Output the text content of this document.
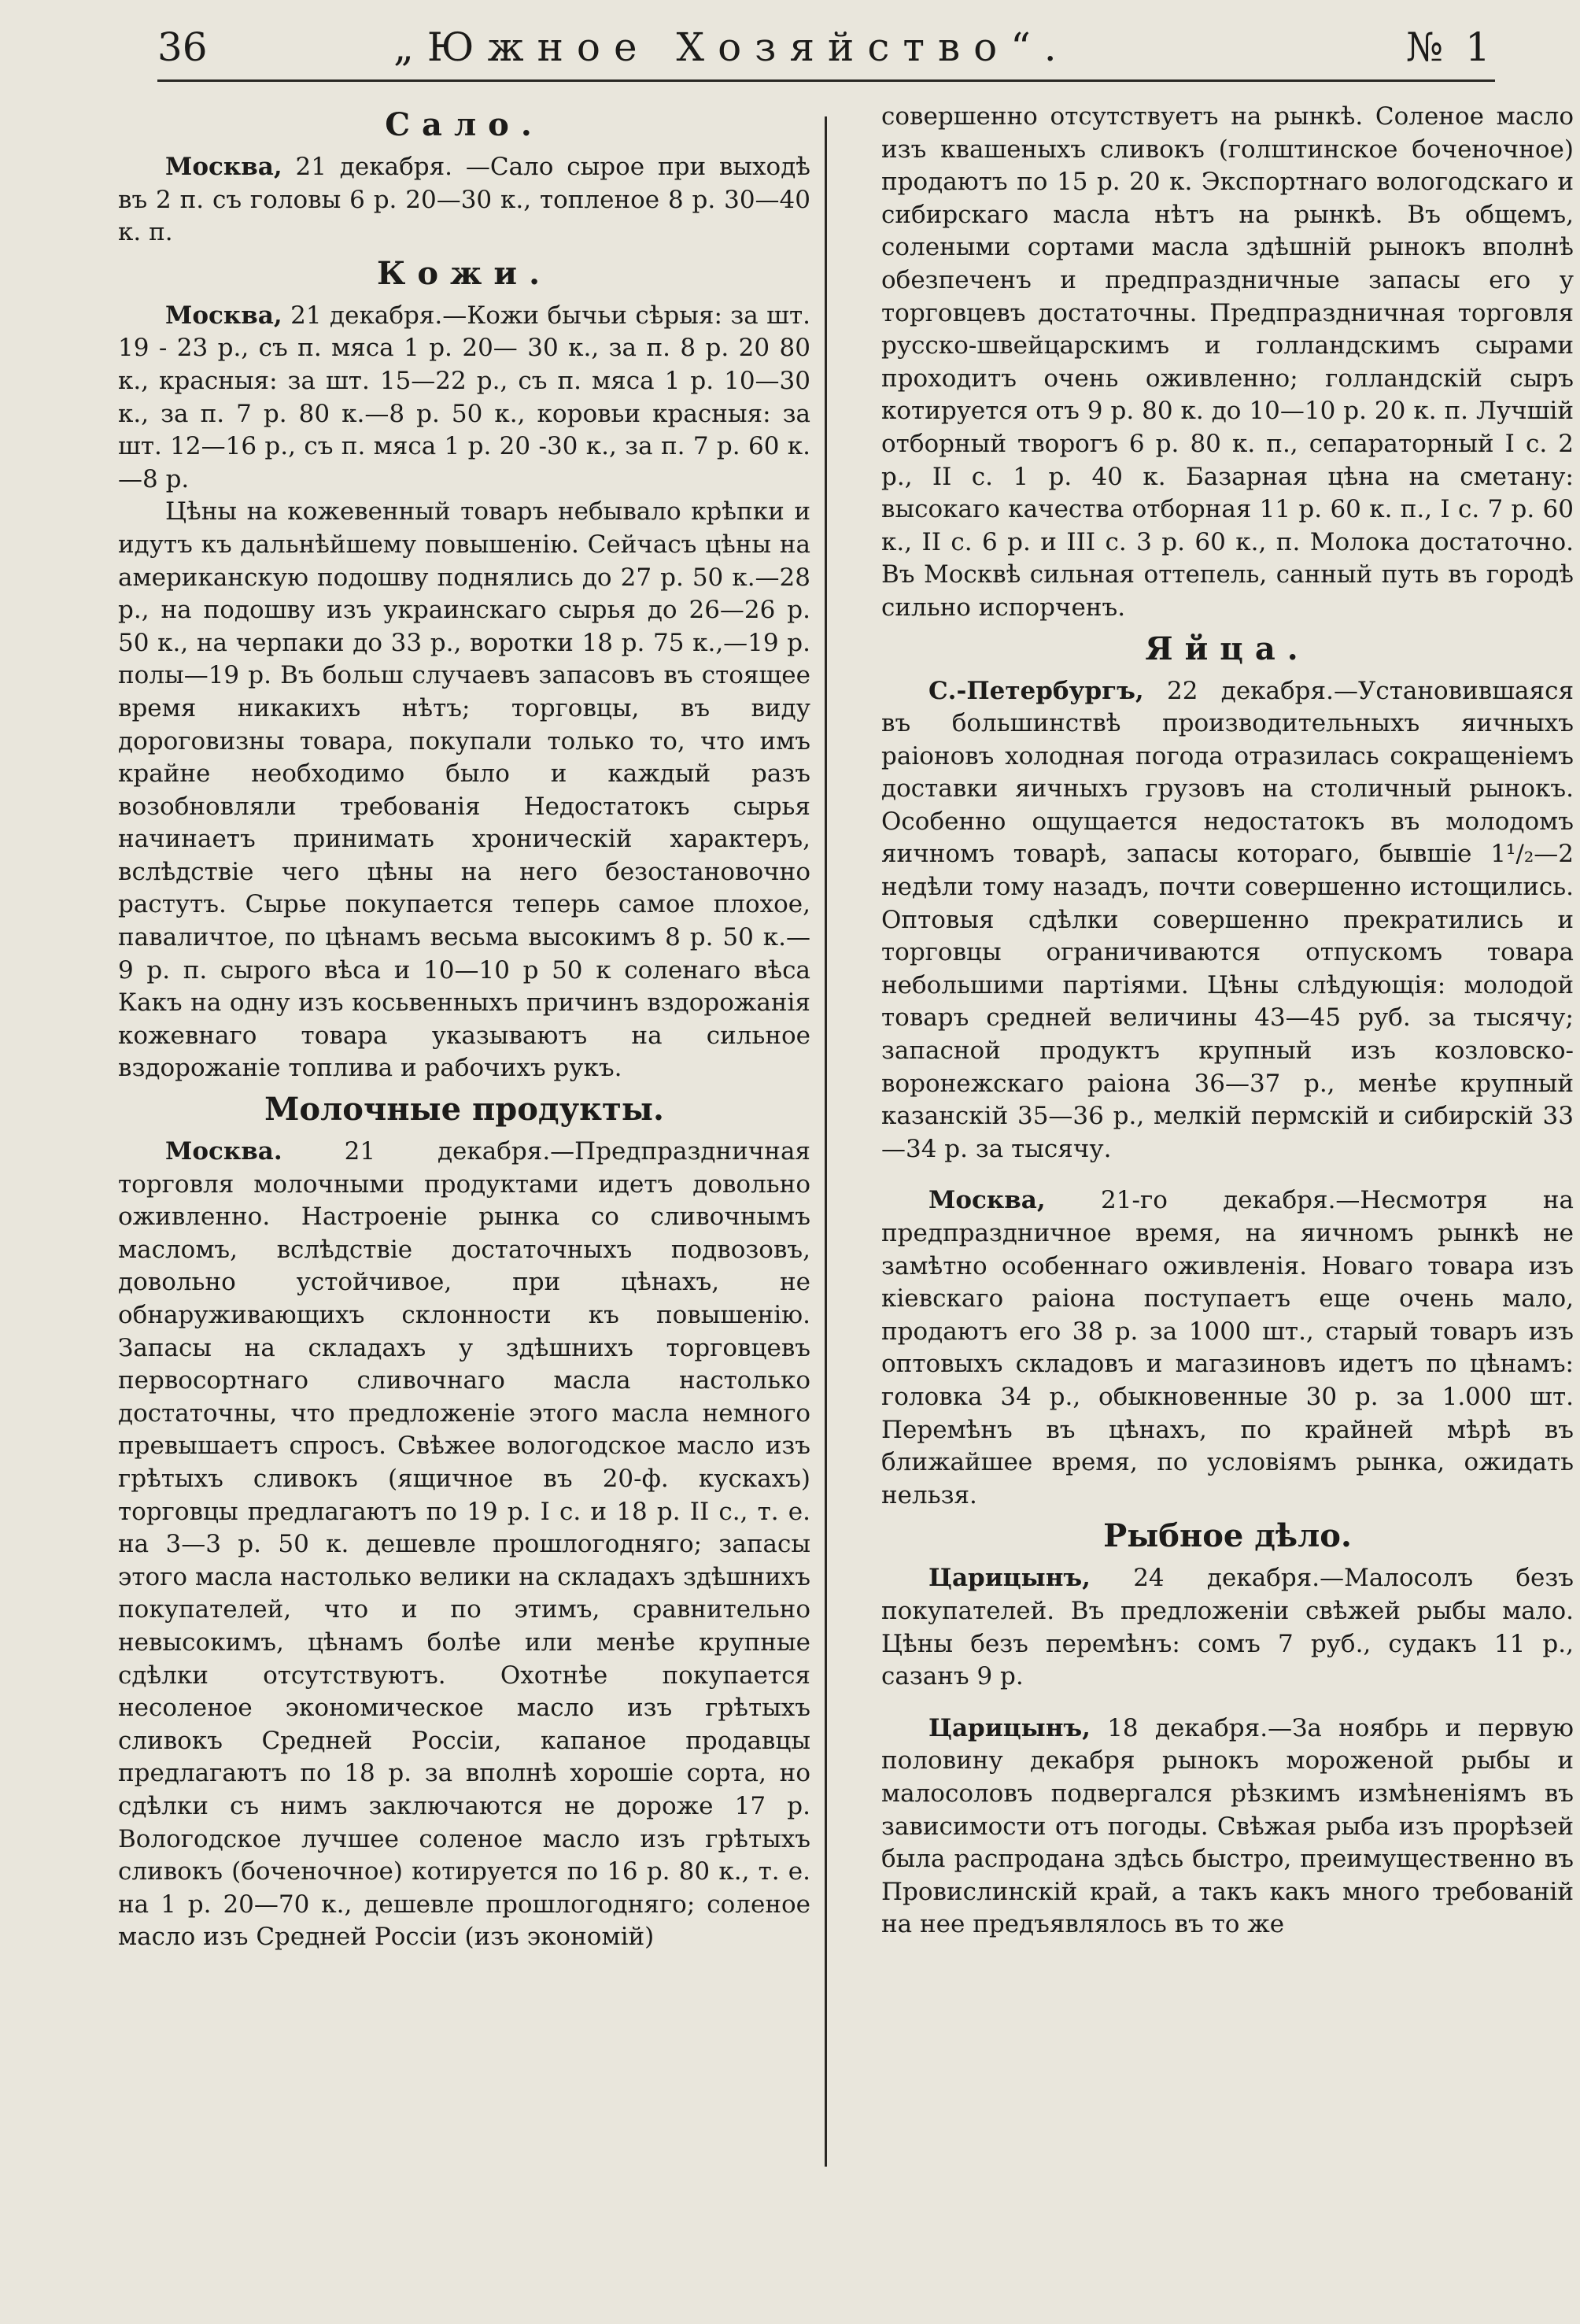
36	„Южное Хозяйство“.	№ 1
Сало.

Москва, 21 декабря. —Сало сырое при выходѣ въ 2 п. съ головы 6 р. 20—30 к., топленое 8 р. 30—40 к. п.

Кожи.

Москва, 21 декабря.—Кожи бычьи сѣрыя: за шт. 19 - 23 р., съ п. мяса 1 р. 20— 30 к., за п. 8 р. 20 80 к., красныя: за шт. 15—22 р., съ п. мяса 1 р. 10—30 к., за п. 7 р. 80 к.—8 р. 50 к., коровьи красныя: за шт. 12—16 р., съ п. мяса 1 р. 20 -30 к., за п. 7 р. 60 к.—8 р.

Цѣны на кожевенный товаръ небывало крѣпки и идутъ къ дальнѣйшему повышенію. Сейчасъ цѣны на американскую подошву поднялись до 27 р. 50 к.—28 р., на подошву изъ украинскаго сырья до 26—26 р. 50 к., на черпаки до 33 р., воротки 18 р. 75 к.,—19 р. полы—19 р. Въ больш случаевъ запасовъ въ стоящее время никакихъ нѣтъ; торговцы, въ виду дороговизны товара, покупали только то, что имъ крайне необходимо было и каждый разъ возобновляли требованія Недостатокъ сырья начинаетъ принимать хроническій характеръ, вслѣдствіе чего цѣны на него безостановочно растутъ. Сырье покупается теперь самое плохое, паваличтое, по цѣнамъ весьма высокимъ 8 р. 50 к.—9 р. п. сырого вѣса и 10—10 р 50 к соленаго вѣса Какъ на одну изъ косьвенныхъ причинъ вздорожанія кожевнаго товара указываютъ на сильное вздорожаніе топлива и рабочихъ рукъ.

Молочные продукты.

Москва.	21 декабря.—Предпраздничная торговля молочными продуктами идетъ довольно оживленно. Настроеніе рынка со сливочнымъ масломъ, вслѣдствіе достаточныхъ подвозовъ, довольно устойчивое, при цѣнахъ, не обнаруживающихъ склонности къ повышенію. Запасы на складахъ у здѣшнихъ торговцевъ первосортнаго сливочнаго масла настолько достаточны, что предложеніе этого масла немного превышаетъ спросъ. Свѣжее вологодское масло изъ грѣтыхъ сливокъ (ящичное въ 20-ф. кускахъ) торговцы предлагаютъ по 19 р. I с. и 18 р. II с., т. е. на 3—3 р. 50 к. дешевле прошлогодняго; запасы этого масла настолько велики на складахъ здѣшнихъ покупателей, что и по этимъ, сравнительно невысокимъ, цѣнамъ болѣе или менѣе крупные сдѣлки отсутствуютъ. Охотнѣе покупается несоленое экономическое масло изъ грѣтыхъ сливокъ Средней Россіи, капаное продавцы предлагаютъ по 18 р. за вполнѣ хорошіе сорта, но сдѣлки съ нимъ заключаются не дороже 17 р. Вологодское лучшее соленое масло изъ грѣтыхъ сливокъ (боченочное) котируется по 16 р. 80 к., т. е. на 1 р. 20—70 к., дешевле прошлогодняго; соленое масло изъ Средней Россіи (изъ экономій)

совершенно отсутствуетъ на рынкѣ. Соленое масло изъ квашеныхъ сливокъ (голштинское боченочное) продаютъ по 15 р. 20 к. Экспортнаго вологодскаго и сибирскаго масла нѣтъ на рынкѣ. Въ общемъ, солеными сортами масла здѣшній рынокъ вполнѣ обезпеченъ и предпраздничные запасы его у торговцевъ достаточны. Предпраздничная торговля русско-швейцарскимъ и голландскимъ сырами проходитъ очень оживленно; голландскій сыръ котируется отъ 9 р. 80 к. до 10—10 р. 20 к. п. Лучшій отборный творогъ 6 р. 80 к. п., сепараторный I с. 2 р., II с. 1 р. 40 к. Базарная цѣна на сметану: высокаго качества отборная 11 р. 60 к. п., I с. 7 р. 60 к., II с. 6 р. и III с. 3 р. 60 к., п. Молока достаточно. Въ Москвѣ сильная оттепель, санный путь въ городѣ сильно испорченъ.

Яйца.

С.-Петербургъ, 22 декабря.—Установившаяся въ большинствѣ производительныхъ яичныхъ раіоновъ холодная погода отразилась сокращеніемъ доставки яичныхъ грузовъ на столичный рынокъ. Особенно ощущается недостатокъ въ молодомъ яичномъ товарѣ, запасы котораго, бывшіе 1¹/₂—2 недѣли тому назадъ, почти совершенно истощились. Оптовыя сдѣлки совершенно прекратились и торговцы ограничиваются отпускомъ товара небольшими партіями. Цѣны слѣдующія: молодой товаръ средней величины 43—45 руб. за тысячу; запасной продуктъ крупный изъ козловско-воронежскаго раіона 36—37 р., менѣе крупный казанскій 35—36 р., мелкій пермскій и сибирскій 33—34 р. за тысячу.

Москва, 21-го декабря.—Несмотря на предпраздничное время, на яичномъ рынкѣ не замѣтно особеннаго оживленія. Новаго товара изъ кіевскаго раіона поступаетъ еще очень мало, продаютъ его 38 р. за 1000 шт., старый товаръ изъ оптовыхъ складовъ и магазиновъ идетъ по цѣнамъ: головка 34 р., обыкновенные 30 р. за 1.000 шт. Перемѣнъ въ цѣнахъ, по крайней мѣрѣ въ ближайшее время, по условіямъ рынка, ожидать нельзя.

Рыбное дѣло.

Царицынъ, 24 декабря.—Малосолъ безъ покупателей. Въ предложеніи свѣжей рыбы мало. Цѣны безъ перемѣнъ: сомъ 7 руб., судакъ 11 р., сазанъ 9 р.

Царицынъ, 18 декабря.—За ноябрь и первую половину декабря рынокъ мороженой рыбы и малосоловъ подвергался рѣзкимъ измѣненіямъ въ зависимости отъ погоды. Свѣжая рыба изъ прорѣзей была распродана здѣсь быстро, преимущественно въ Провислинскій край, а такъ какъ много требованій на нее предъявлялось въ то же
